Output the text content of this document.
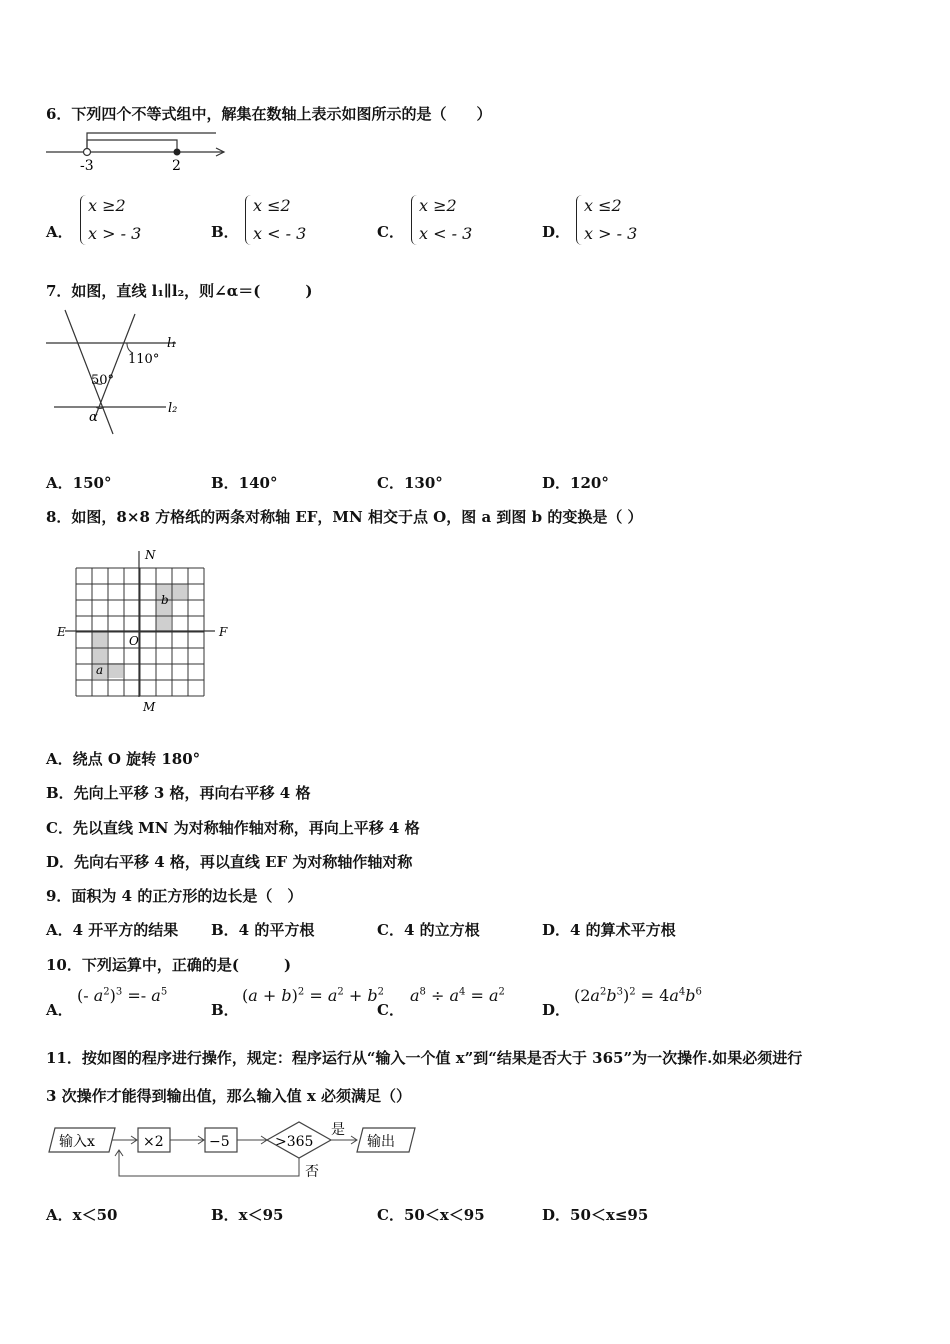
6．下列四个不等式组中，解集在数轴上表示如图所示的是（　　）
-3	2
A．
x ≥2
x > - 3	B．
x ≤2
x < - 3	C．
x ≥2
x < - 3	D．
x ≤2
x > - 3
7．如图，直线 l₁∥l₂，则∠α＝(　　　)
l₁
l₂
110°
50°
α
A．150°	B．140°	C．130°	D．120°
8．如图，8×8 方格纸的两条对称轴 EF，MN 相交于点 O，图 a 到图 b 的变换是（ ）
N
M
E	F
O
a
b
A．绕点 O 旋转 180°
B．先向上平移 3 格，再向右平移 4 格
C．先以直线 MN 为对称轴作轴对称，再向上平移 4 格
D．先向右平移 4 格，再以直线 EF 为对称轴作轴对称
9．面积为 4 的正方形的边长是（　）
A．4 开平方的结果 B．4 的平方根	C．4 的立方根	D．4 的算术平方根
10．下列运算中，正确的是(　　　)
A．
(- $a^2)^3 =- a^5$
B．
$(a + b)^2 = a^2 + b^2$
C．
$a^8 \div a^4 = a^2$
D．
$(2a^2b^3)^2 = 4a^4b^6$
11．按如图的程序进行操作，规定：程序运行从“输入一个值 x”到“结果是否大于 365”为一次操作.如果必须进行
3 次操作才能得到输出值，那么输入值 x 必须满足（）
输入x	×2	−5	>365
是
输出
否
A．x＜50	B．x＜95	C．50＜x＜95	D．50＜x≤95
